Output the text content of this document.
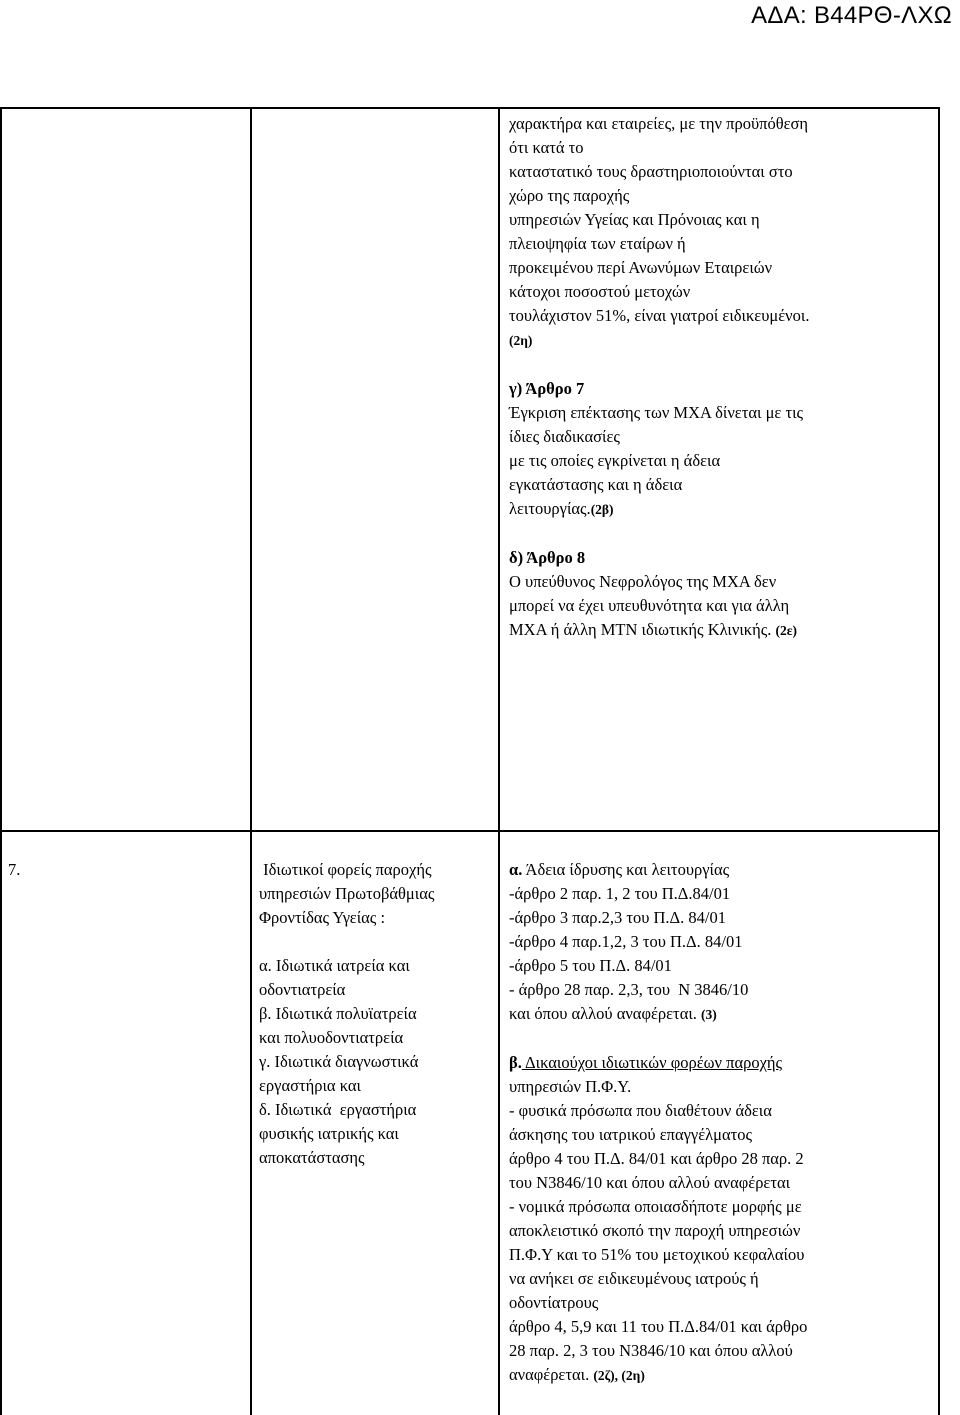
ΑΔΑ: Β44ΡΘ-ΛΧΩ

χαρακτήρα και εταιρείες, με την προϋπόθεση

ότι κατά το

καταστατικό τους δραστηριοποιούνται στο

χώρο της παροχής

υπηρεσιών Υγείας και Πρόνοιας και η

πλειοψηφία των εταίρων ή

προκειμένου περί Ανωνύμων Εταιρειών

κάτοχοι ποσοστού μετοχών

τουλάχιστον 51%, είναι γιατροί ειδικευμένοι.

(2η)

γ) Άρθρο 7

Έγκριση επέκτασης των ΜΧΑ δίνεται με τις

ίδιες διαδικασίες

με τις οποίες εγκρίνεται η άδεια

εγκατάστασης και η άδεια

λειτουργίας.(2β)

δ) Άρθρο 8

Ο υπεύθυνος Νεφρολόγος της ΜΧΑ δεν

μπορεί να έχει υπευθυνότητα και για άλλη

ΜΧΑ ή άλλη ΜΤΝ ιδιωτικής Κλινικής. (2ε)

7.	Ιδιωτικοί φορείς παροχής

υπηρεσιών Πρωτοβάθμιας

Φροντίδας Υγείας :

α. Ιδιωτικά ιατρεία και

οδοντιατρεία

β. Ιδιωτικά πολυϊατρεία

και πολυοδοντιατρεία

γ. Ιδιωτικά διαγνωστικά

εργαστήρια και

δ. Ιδιωτικά  εργαστήρια

φυσικής ιατρικής και

αποκατάστασης

α. Άδεια ίδρυσης και λειτουργίας

-άρθρο 2 παρ. 1, 2 του Π.Δ.84/01

-άρθρο 3 παρ.2,3 του Π.Δ. 84/01

-άρθρο 4 παρ.1,2, 3 του Π.Δ. 84/01

-άρθρο 5 του Π.Δ. 84/01

- άρθρο 28 παρ. 2,3, του  Ν 3846/10

και όπου αλλού αναφέρεται. (3)

β. Δικαιούχοι ιδιωτικών φορέων παροχής

υπηρεσιών Π.Φ.Υ.

- φυσικά πρόσωπα που διαθέτουν άδεια

άσκησης του ιατρικού επαγγέλματος

άρθρο 4 του Π.Δ. 84/01 και άρθρο 28 παρ. 2

του Ν3846/10 και όπου αλλού αναφέρεται

- νομικά πρόσωπα οποιασδήποτε μορφής με

αποκλειστικό σκοπό την παροχή υπηρεσιών

Π.Φ.Υ και το 51% του μετοχικού κεφαλαίου

να ανήκει σε ειδικευμένους ιατρούς ή

οδοντίατρους

άρθρο 4, 5,9 και 11 του Π.Δ.84/01 και άρθρο

28 παρ. 2, 3 του Ν3846/10 και όπου αλλού

αναφέρεται. (2ζ), (2η)
